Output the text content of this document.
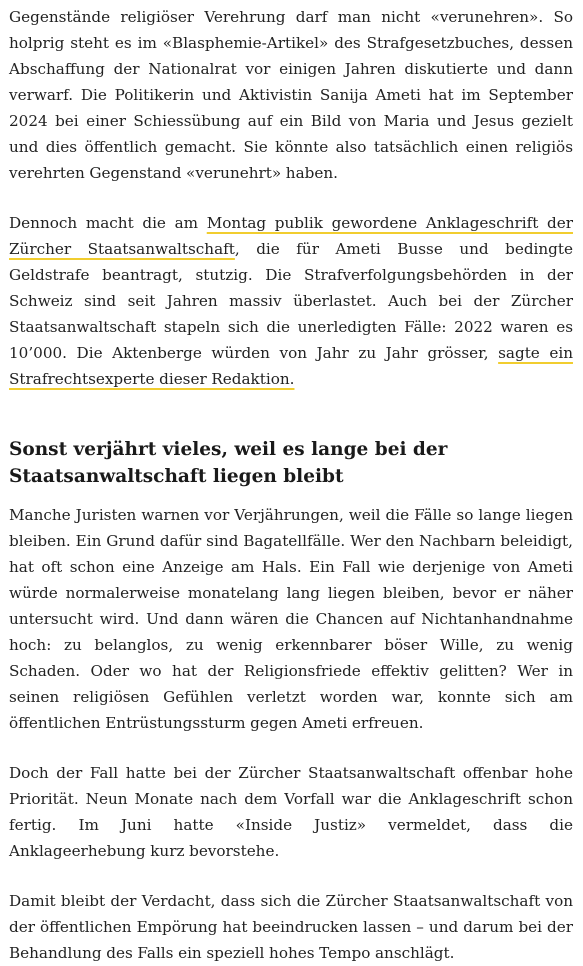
Gegenstände religiöser Verehrung darf man nicht «verunehren». So holprig steht es im «Blasphemie-Artikel» des Strafgesetzbuches, dessen Abschaffung der Nationalrat vor einigen Jahren diskutierte und dann verwarf. Die Politikerin und Aktivistin Sanija Ameti hat im September 2024 bei einer Schiessübung auf ein Bild von Maria und Jesus gezielt und dies öffentlich gemacht. Sie könnte also tatsächlich einen religiös verehrten Gegenstand «verunehrt» haben.

Dennoch macht die am Montag publik gewordene Anklageschrift der Zürcher Staatsanwaltschaft, die für Ameti Busse und bedingte Geldstrafe beantragt, stutzig. Die Strafverfolgungsbehörden in der Schweiz sind seit Jahren massiv überlastet. Auch bei der Zürcher Staatsanwaltschaft stapeln sich die unerledigten Fälle: 2022 waren es 10’000. Die Aktenberge würden von Jahr zu Jahr grösser, sagte ein Strafrechtsexperte dieser Redaktion.

Sonst verjährt vieles, weil es lange bei der Staatsanwaltschaft liegen bleibt

Manche Juristen warnen vor Verjährungen, weil die Fälle so lange liegen bleiben. Ein Grund dafür sind Bagatellfälle. Wer den Nachbarn beleidigt, hat oft schon eine Anzeige am Hals. Ein Fall wie derjenige von Ameti würde normalerweise monatelang lang liegen bleiben, bevor er näher untersucht wird. Und dann wären die Chancen auf Nichtanhandnahme hoch: zu belanglos, zu wenig erkennbarer böser Wille, zu wenig Schaden. Oder wo hat der Religionsfriede effektiv gelitten? Wer in seinen religiösen Gefühlen verletzt worden war, konnte sich am öffentlichen Entrüstungssturm gegen Ameti erfreuen.

Doch der Fall hatte bei der Zürcher Staatsanwaltschaft offenbar hohe Priorität. Neun Monate nach dem Vorfall war die Anklageschrift schon fertig. Im Juni hatte «Inside Justiz» vermeldet, dass die Anklageerhebung kurz bevorstehe.

Damit bleibt der Verdacht, dass sich die Zürcher Staatsanwaltschaft von der öffentlichen Empörung hat beeindrucken lassen – und darum bei der Behandlung des Falls ein speziell hohes Tempo anschlägt.
